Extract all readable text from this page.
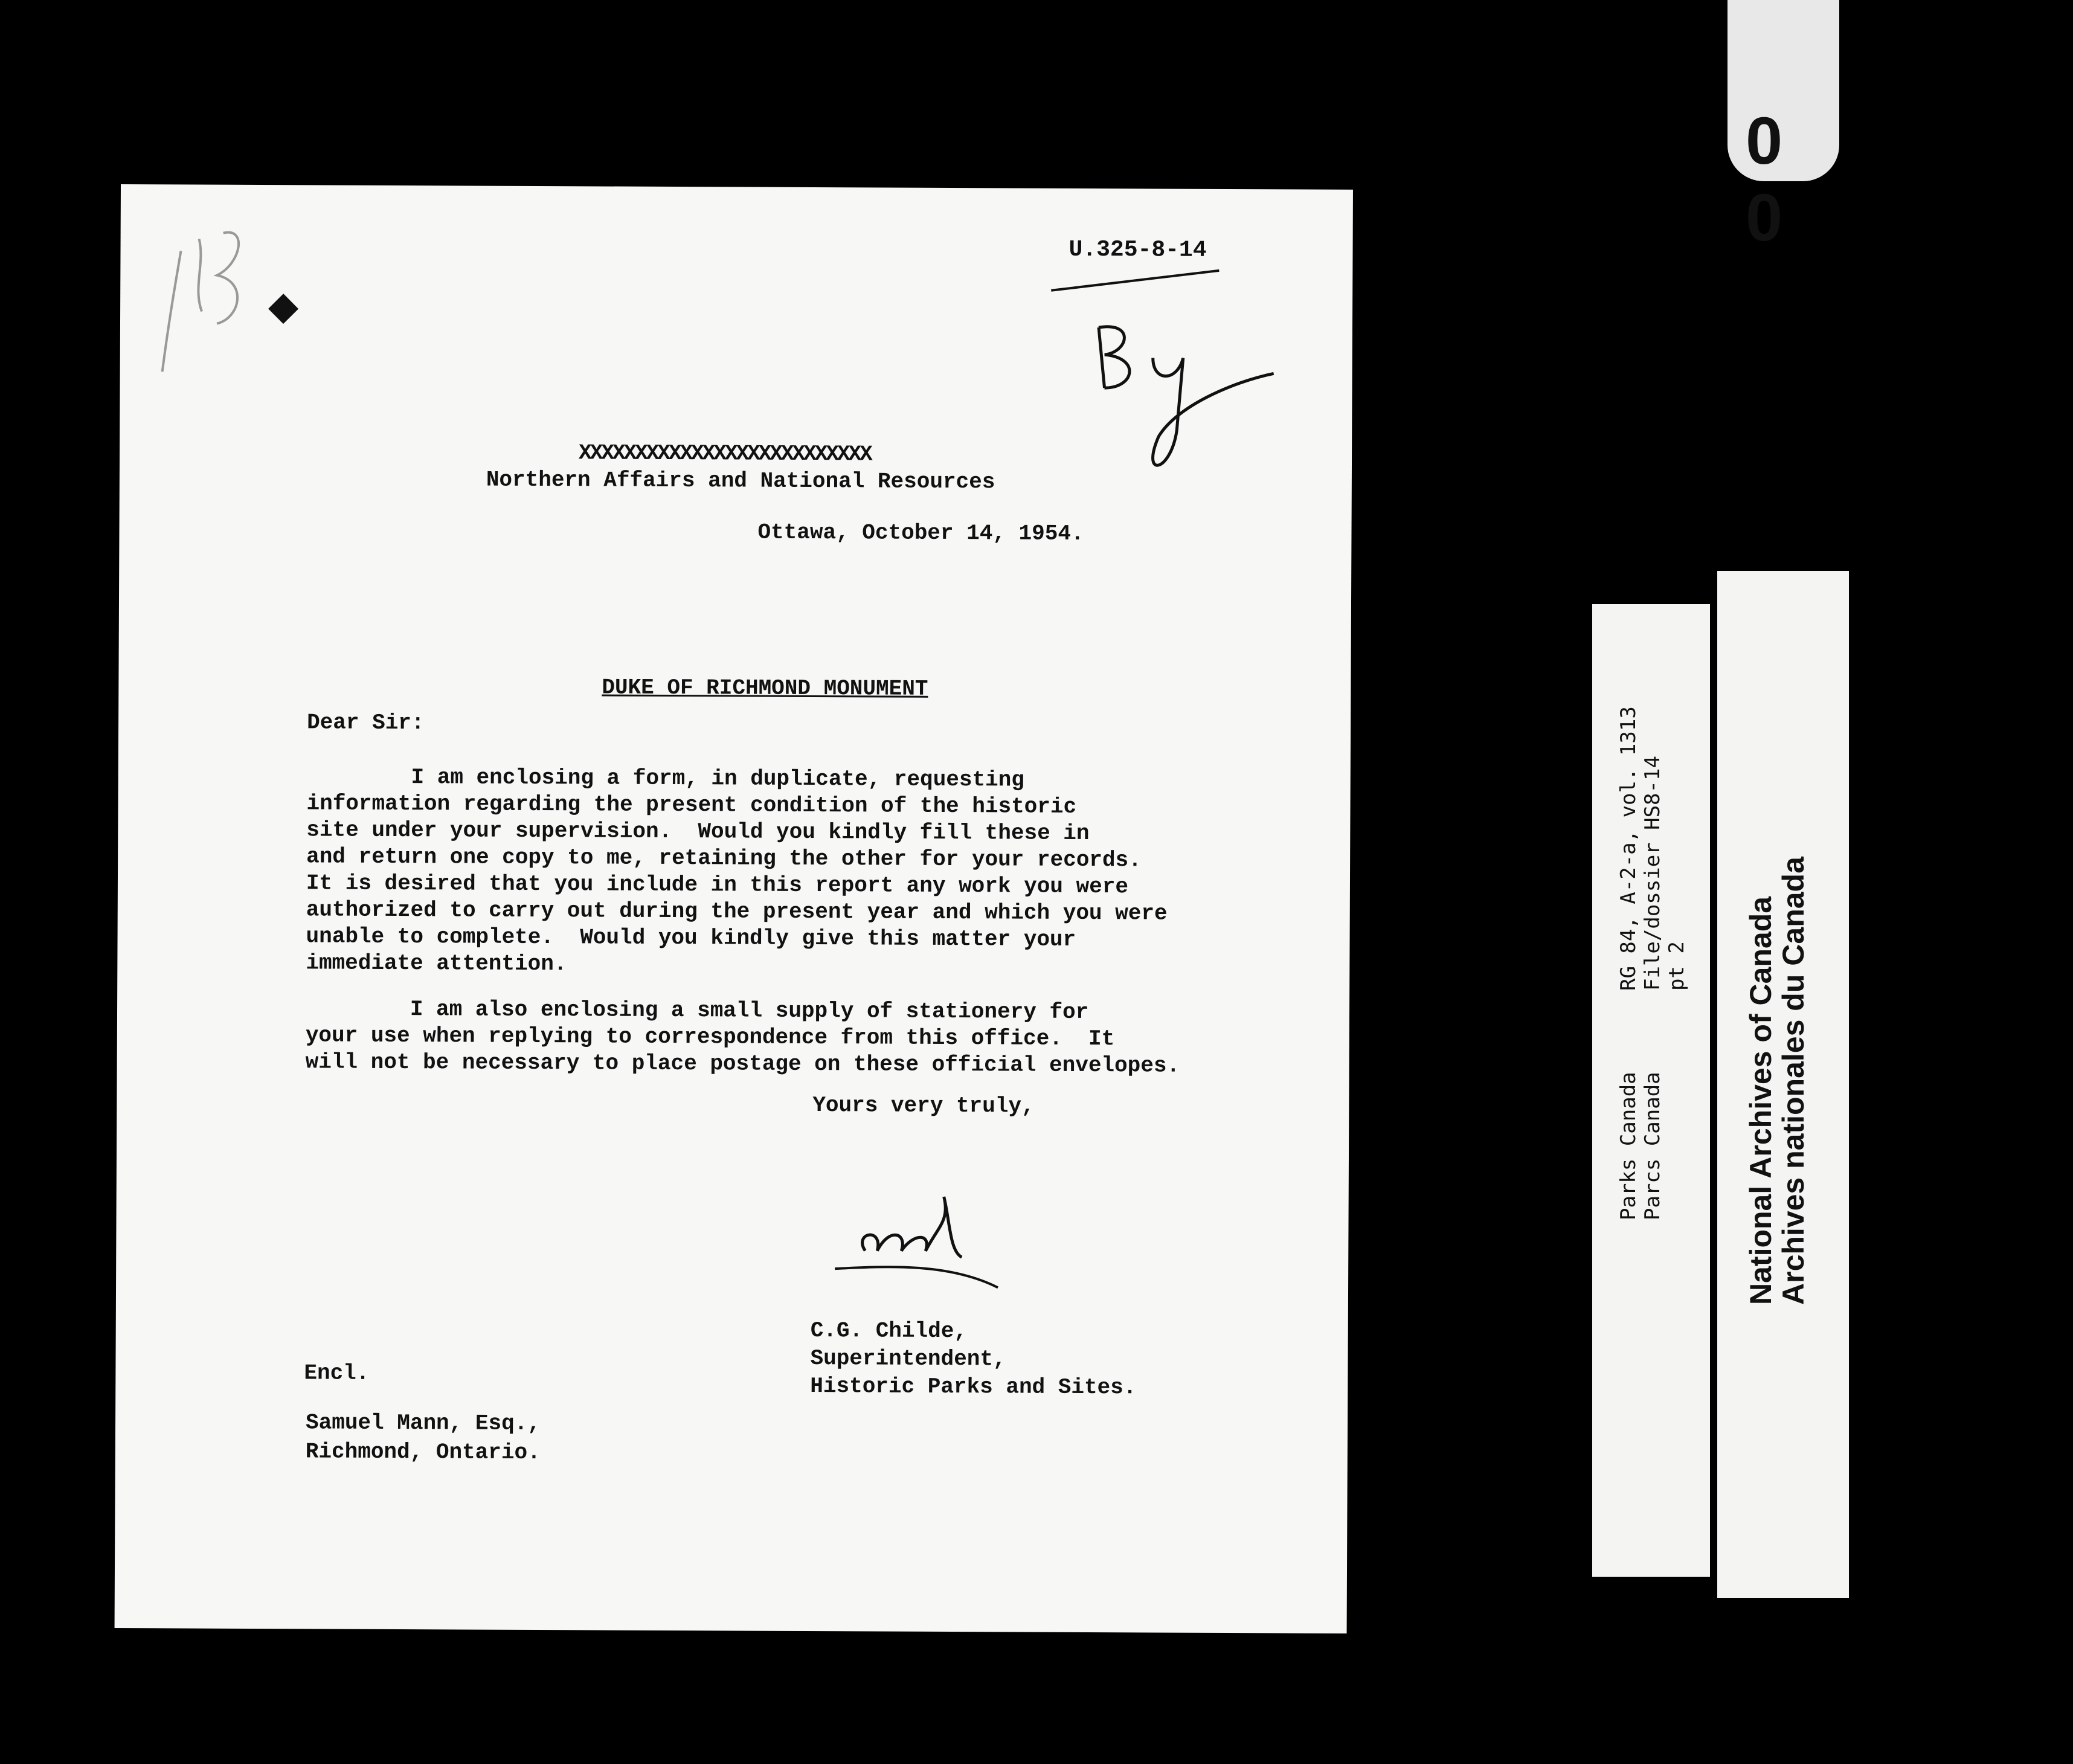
0 0

U.325-8-14

XXXXXXXXXXXXXXXXXXXXXXXXXX

Northern Affairs and National Resources

Ottawa, October 14, 1954.

DUKE OF RICHMOND MONUMENT

Dear Sir:

I am enclosing a form, in duplicate, requesting
information regarding the present condition of the historic
site under your supervision.  Would you kindly fill these in
and return one copy to me, retaining the other for your records.
It is desired that you include in this report any work you were
authorized to carry out during the present year and which you were
unable to complete.  Would you kindly give this matter your
immediate attention.

I am also enclosing a small supply of stationery for
your use when replying to correspondence from this office.  It
will not be necessary to place postage on these official envelopes.

Yours very truly,

C.G. Childe,
Superintendent,
Historic Parks and Sites.

Encl.

Samuel Mann, Esq.,
Richmond, Ontario.

Parks Canada
Parcs Canada

RG 84, A-2-a, vol. 1313
File/dossier HS8-14
pt 2

National Archives of Canada
Archives nationales du Canada
